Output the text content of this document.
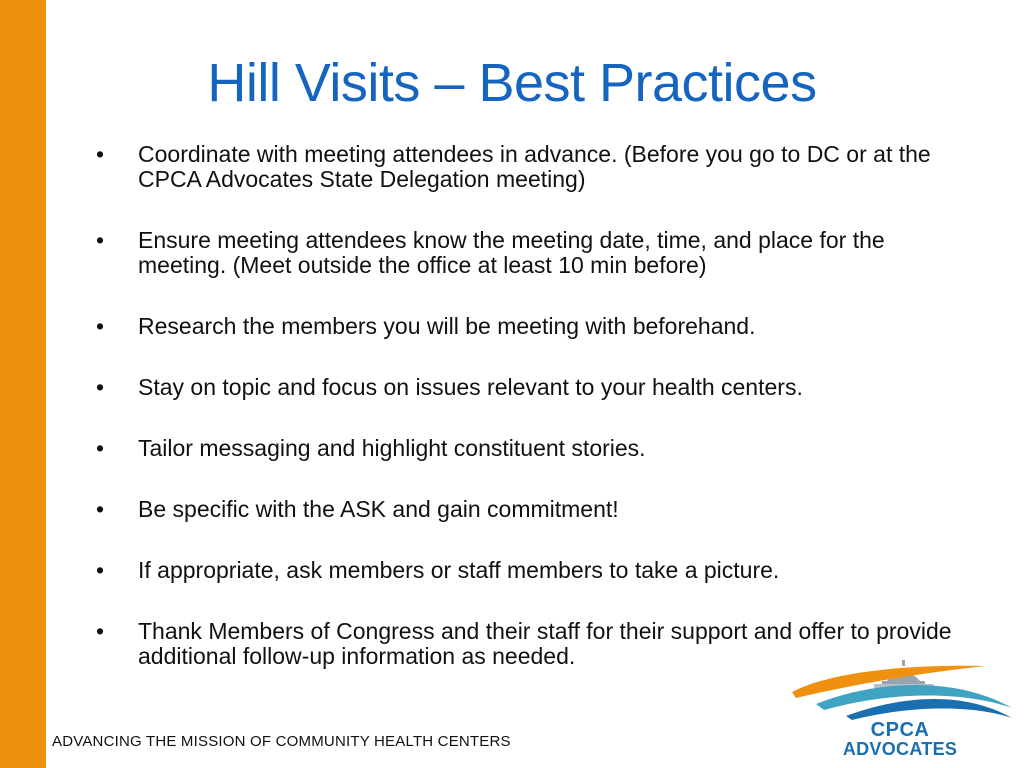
Hill Visits – Best Practices
• Coordinate with meeting attendees in advance. (Before you go to DC or at the CPCA Advocates State Delegation meeting)
• Ensure meeting attendees know the meeting date, time, and place for the meeting. (Meet outside the office at least 10 min before)
• Research the members you will be meeting with beforehand.
• Stay on topic and focus on issues relevant to your health centers.
• Tailor messaging and highlight constituent stories.
• Be specific with the ASK and gain commitment!
• If appropriate, ask members or staff members to take a picture.
• Thank Members of Congress and their staff for their support and offer to provide additional follow-up information as needed.
ADVANCING THE MISSION OF COMMUNITY HEALTH CENTERS
CPCA
ADVOCATES
